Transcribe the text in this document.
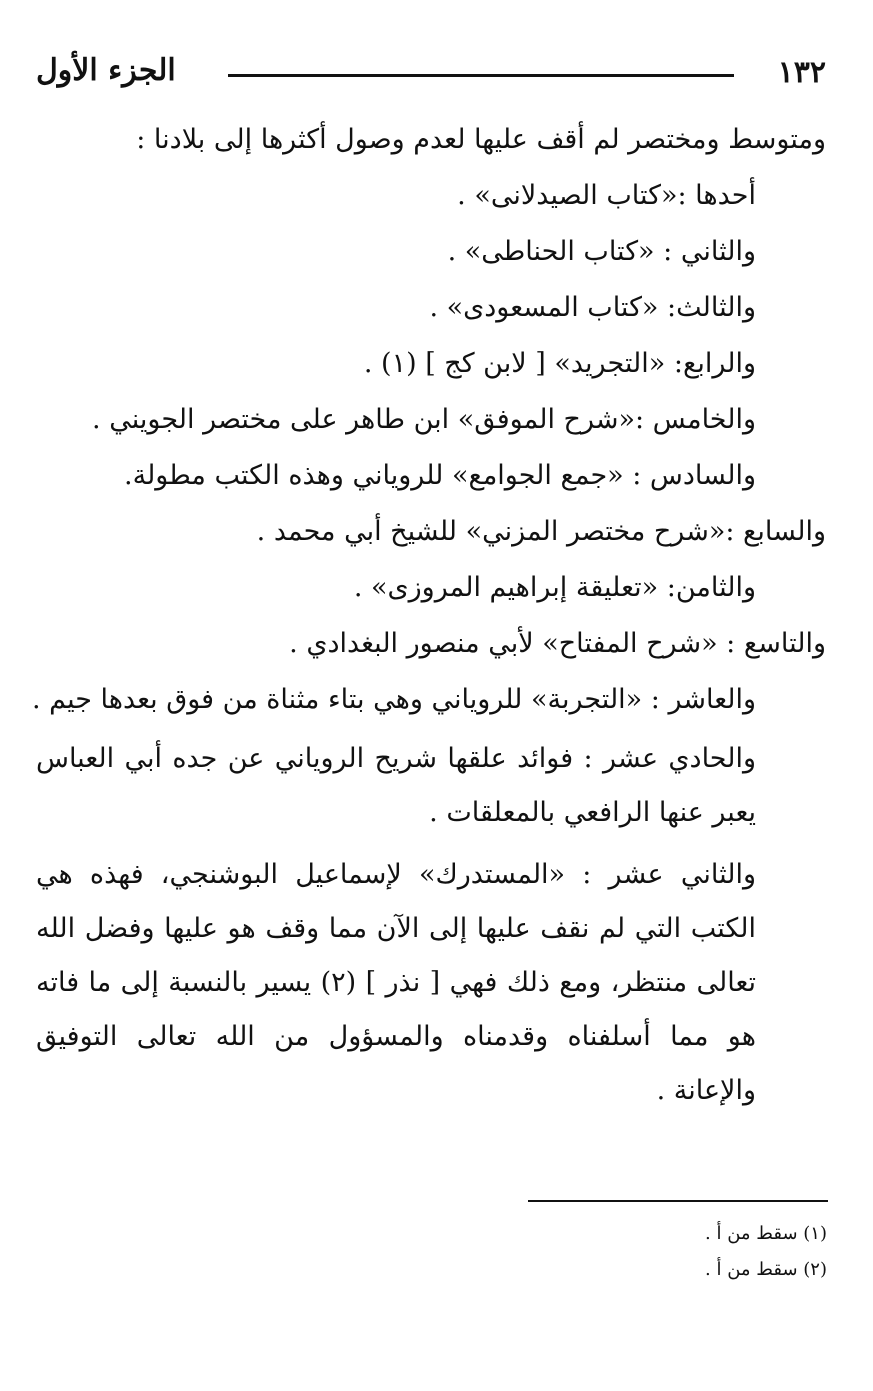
١٣٢
الجزء الأول

ومتوسط ومختصر لم أقف عليها لعدم وصول أكثرها إلى بلادنا :

أحدها :«كتاب الصيدلانى» .

والثاني : «كتاب الحناطى» .

والثالث: «كتاب المسعودى» .

والرابع: «التجريد» [ لابن كج ] (١) .

والخامس :«شرح الموفق» ابن طاهر على مختصر الجويني .

والسادس : «جمع الجوامع» للروياني وهذه الكتب مطولة.

والسابع :«شرح مختصر المزني» للشيخ أبي محمد .

والثامن: «تعليقة إبراهيم المروزى» .

والتاسع : «شرح المفتاح» لأبي منصور البغدادي .

والعاشر : «التجربة» للروياني وهي بتاء مثناة من فوق بعدها جيم .

والحادي عشر : فوائد علقها شريح الروياني عن جده أبي العباس يعبر عنها الرافعي بالمعلقات .

والثاني عشر : «المستدرك» لإسماعيل البوشنجي، فهذه هي الكتب التي لم نقف عليها إلى الآن مما وقف هو عليها وفضل الله تعالى منتظر، ومع ذلك فهي [ نذر ] (٢) يسير بالنسبة إلى ما فاته هو مما أسلفناه وقدمناه والمسؤول من الله تعالى التوفيق والإعانة .

(١) سقط من أ .
(٢) سقط من أ .
